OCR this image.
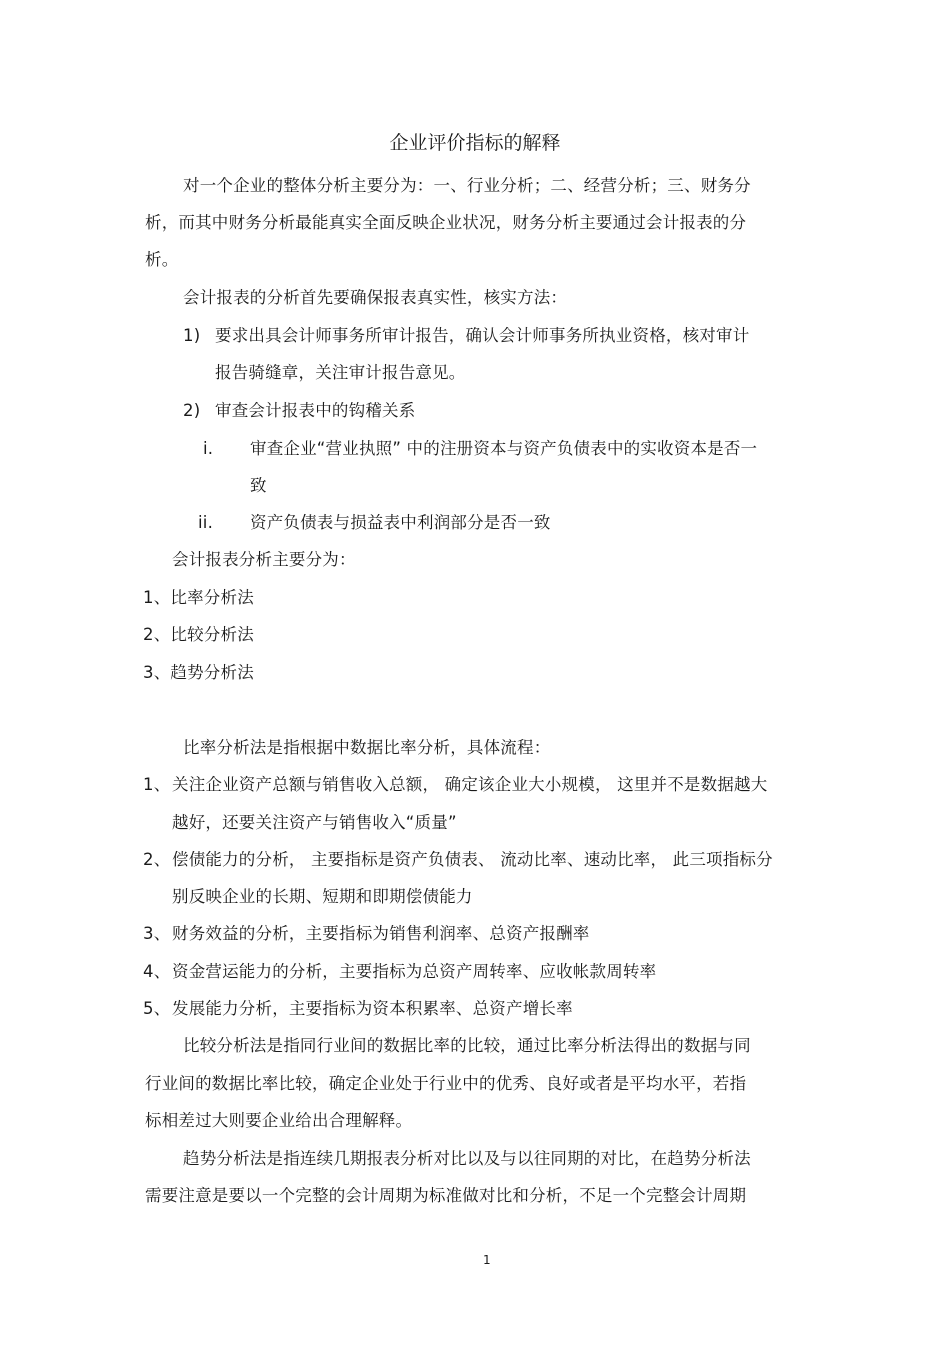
企业评价指标的解释
对一个企业的整体分析主要分为：一、行业分析；二、经营分析；三、财务分
析，而其中财务分析最能真实全面反映企业状况，财务分析主要通过会计报表的分
析。
会计报表的分析首先要确保报表真实性，核实方法：
1) 要求出具会计师事务所审计报告，确认会计师事务所执业资格，核对审计
报告骑缝章，关注审计报告意见。
2) 审查会计报表中的钩稽关系
i. 审查企业“营业执照” 中的注册资本与资产负债表中的实收资本是否一
致
ii. 资产负债表与损益表中利润部分是否一致
会计报表分析主要分为：
1、比率分析法
2、比较分析法
3、趋势分析法
比率分析法是指根据中数据比率分析，具体流程：
1、 关注企业资产总额与销售收入总额， 确定该企业大小规模， 这里并不是数据越大
越好，还要关注资产与销售收入“质量”
2、 偿债能力的分析， 主要指标是资产负债表、 流动比率、速动比率， 此三项指标分
别反映企业的长期、短期和即期偿债能力
3、 财务效益的分析，主要指标为销售利润率、总资产报酬率
4、 资金营运能力的分析，主要指标为总资产周转率、应收帐款周转率
5、 发展能力分析，主要指标为资本积累率、总资产增长率
比较分析法是指同行业间的数据比率的比较，通过比率分析法得出的数据与同
行业间的数据比率比较，确定企业处于行业中的优秀、良好或者是平均水平，若指
标相差过大则要企业给出合理解释。
趋势分析法是指连续几期报表分析对比以及与以往同期的对比，在趋势分析法
需要注意是要以一个完整的会计周期为标准做对比和分析，不足一个完整会计周期
1
